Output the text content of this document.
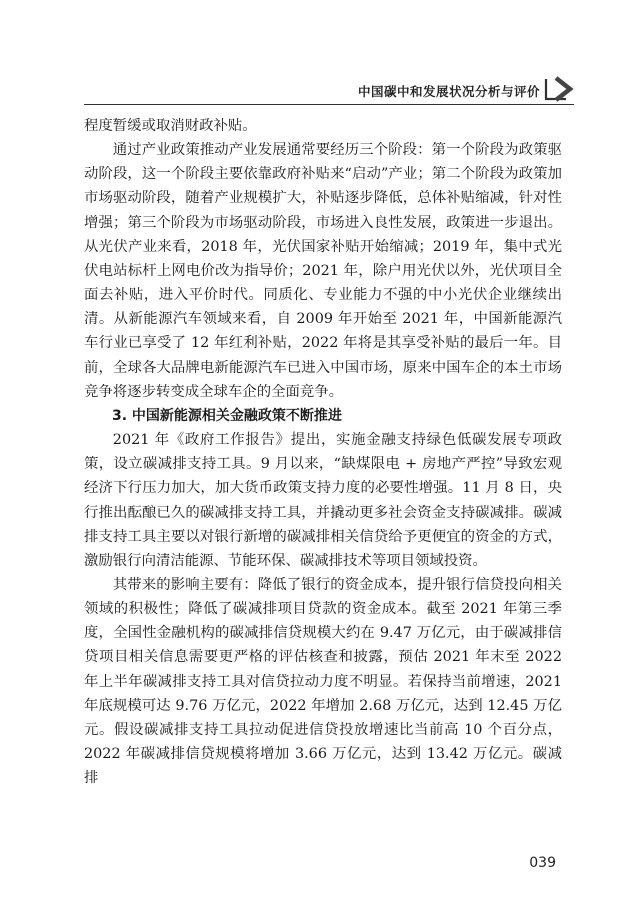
中国碳中和发展状况分析与评价

程度暂缓或取消财政补贴。

通过产业政策推动产业发展通常要经历三个阶段：第一个阶段为政策驱动阶段，这一个阶段主要依靠政府补贴来“启动”产业；第二个阶段为政策加市场驱动阶段，随着产业规模扩大，补贴逐步降低，总体补贴缩减，针对性增强；第三个阶段为市场驱动阶段，市场进入良性发展，政策进一步退出。从光伏产业来看，2018 年，光伏国家补贴开始缩减；2019 年，集中式光伏电站标杆上网电价改为指导价；2021 年，除户用光伏以外，光伏项目全面去补贴，进入平价时代。同质化、专业能力不强的中小光伏企业继续出清。从新能源汽车领域来看，自 2009 年开始至 2021 年，中国新能源汽车行业已享受了 12 年红利补贴，2022 年将是其享受补贴的最后一年。目前，全球各大品牌电新能源汽车已进入中国市场，原来中国车企的本土市场竞争将逐步转变成全球车企的全面竞争。

3. 中国新能源相关金融政策不断推进

2021 年《政府工作报告》提出，实施金融支持绿色低碳发展专项政策，设立碳减排支持工具。9 月以来，“缺煤限电 + 房地产严控”导致宏观经济下行压力加大，加大货币政策支持力度的必要性增强。11 月 8 日，央行推出酝酿已久的碳减排支持工具，并撬动更多社会资金支持碳减排。碳减排支持工具主要以对银行新增的碳减排相关信贷给予更便宜的资金的方式，激励银行向清洁能源、节能环保、碳减排技术等项目领域投资。

其带来的影响主要有：降低了银行的资金成本，提升银行信贷投向相关领域的积极性；降低了碳减排项目贷款的资金成本。截至 2021 年第三季度，全国性金融机构的碳减排信贷规模大约在 9.47 万亿元，由于碳减排信贷项目相关信息需要更严格的评估核查和披露，预估 2021 年末至 2022 年上半年碳减排支持工具对信贷拉动力度不明显。若保持当前增速，2021 年底规模可达 9.76 万亿元，2022 年增加 2.68 万亿元，达到 12.45 万亿元。假设碳减排支持工具拉动促进信贷投放增速比当前高 10 个百分点，2022 年碳减排信贷规模将增加 3.66 万亿元，达到 13.42 万亿元。碳减排

039
